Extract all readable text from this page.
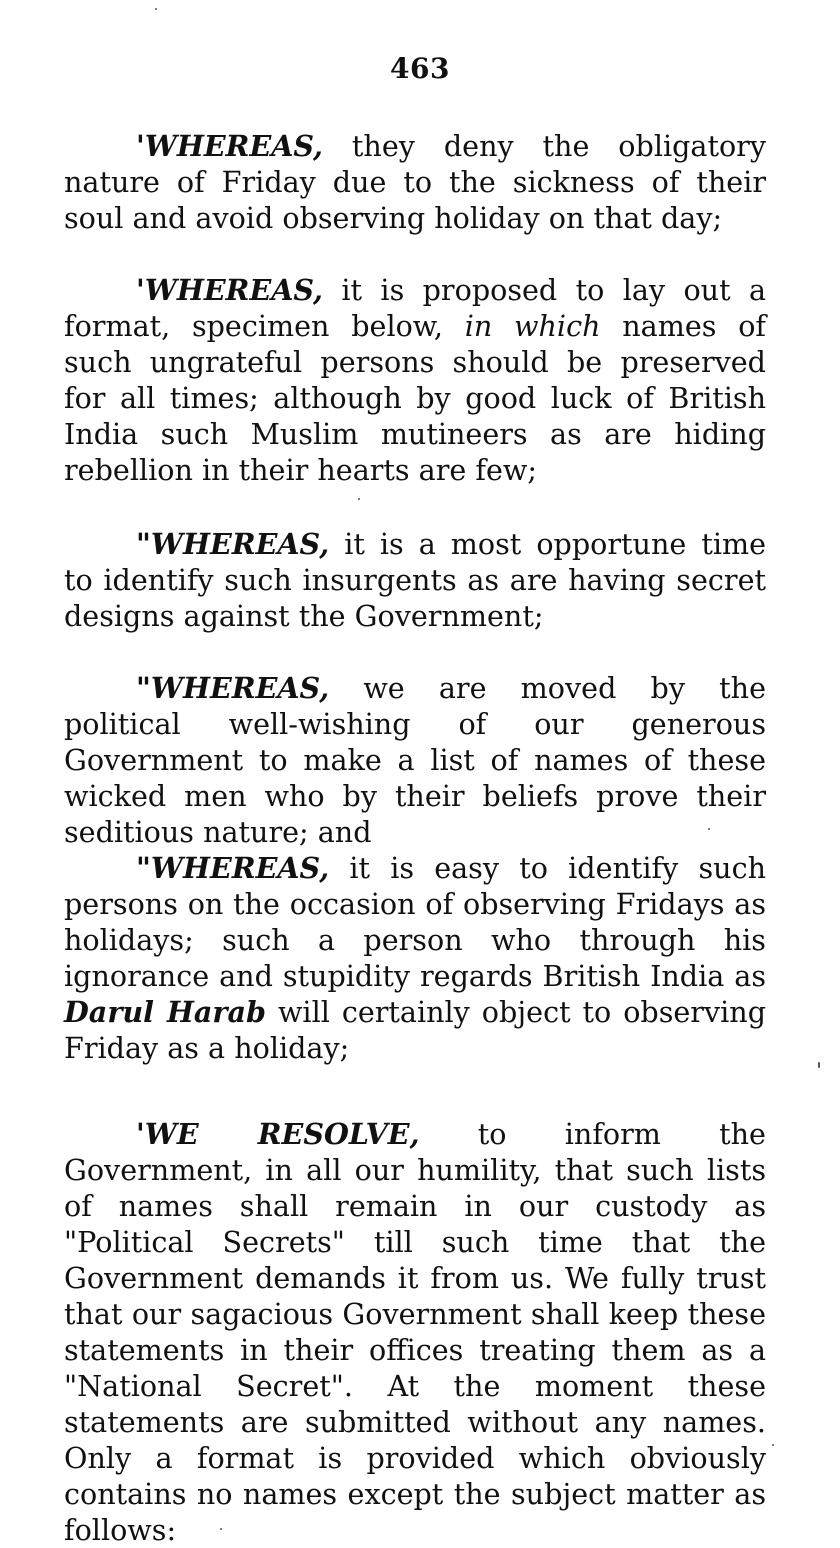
463

'WHEREAS, they deny the obligatory nature of Friday due to the sickness of their soul and avoid observing holiday on that day;

'WHEREAS, it is proposed to lay out a format, specimen below, in which names of such ungrateful persons should be preserved for all times; although by good luck of British India such Muslim mutineers as are hiding rebellion in their hearts are few;

"WHEREAS, it is a most opportune time to identify such insurgents as are having secret designs against the Government;

"WHEREAS, we are moved by the political well-wishing of our generous Government to make a list of names of these wicked men who by their beliefs prove their seditious nature; and

"WHEREAS, it is easy to identify such persons on the occasion of observing Fridays as holidays; such a person who through his ignorance and stupidity regards British India as Darul Harab will certainly object to observing Friday as a holiday;

'WE RESOLVE, to inform the Government, in all our humility, that such lists of names shall remain in our custody as "Political Secrets" till such time that the Government demands it from us. We fully trust that our sagacious Government shall keep these statements in their offices treating them as a "National Secret". At the moment these statements are submitted without any names. Only a format is provided which obviously contains no names except the subject matter as follows:
